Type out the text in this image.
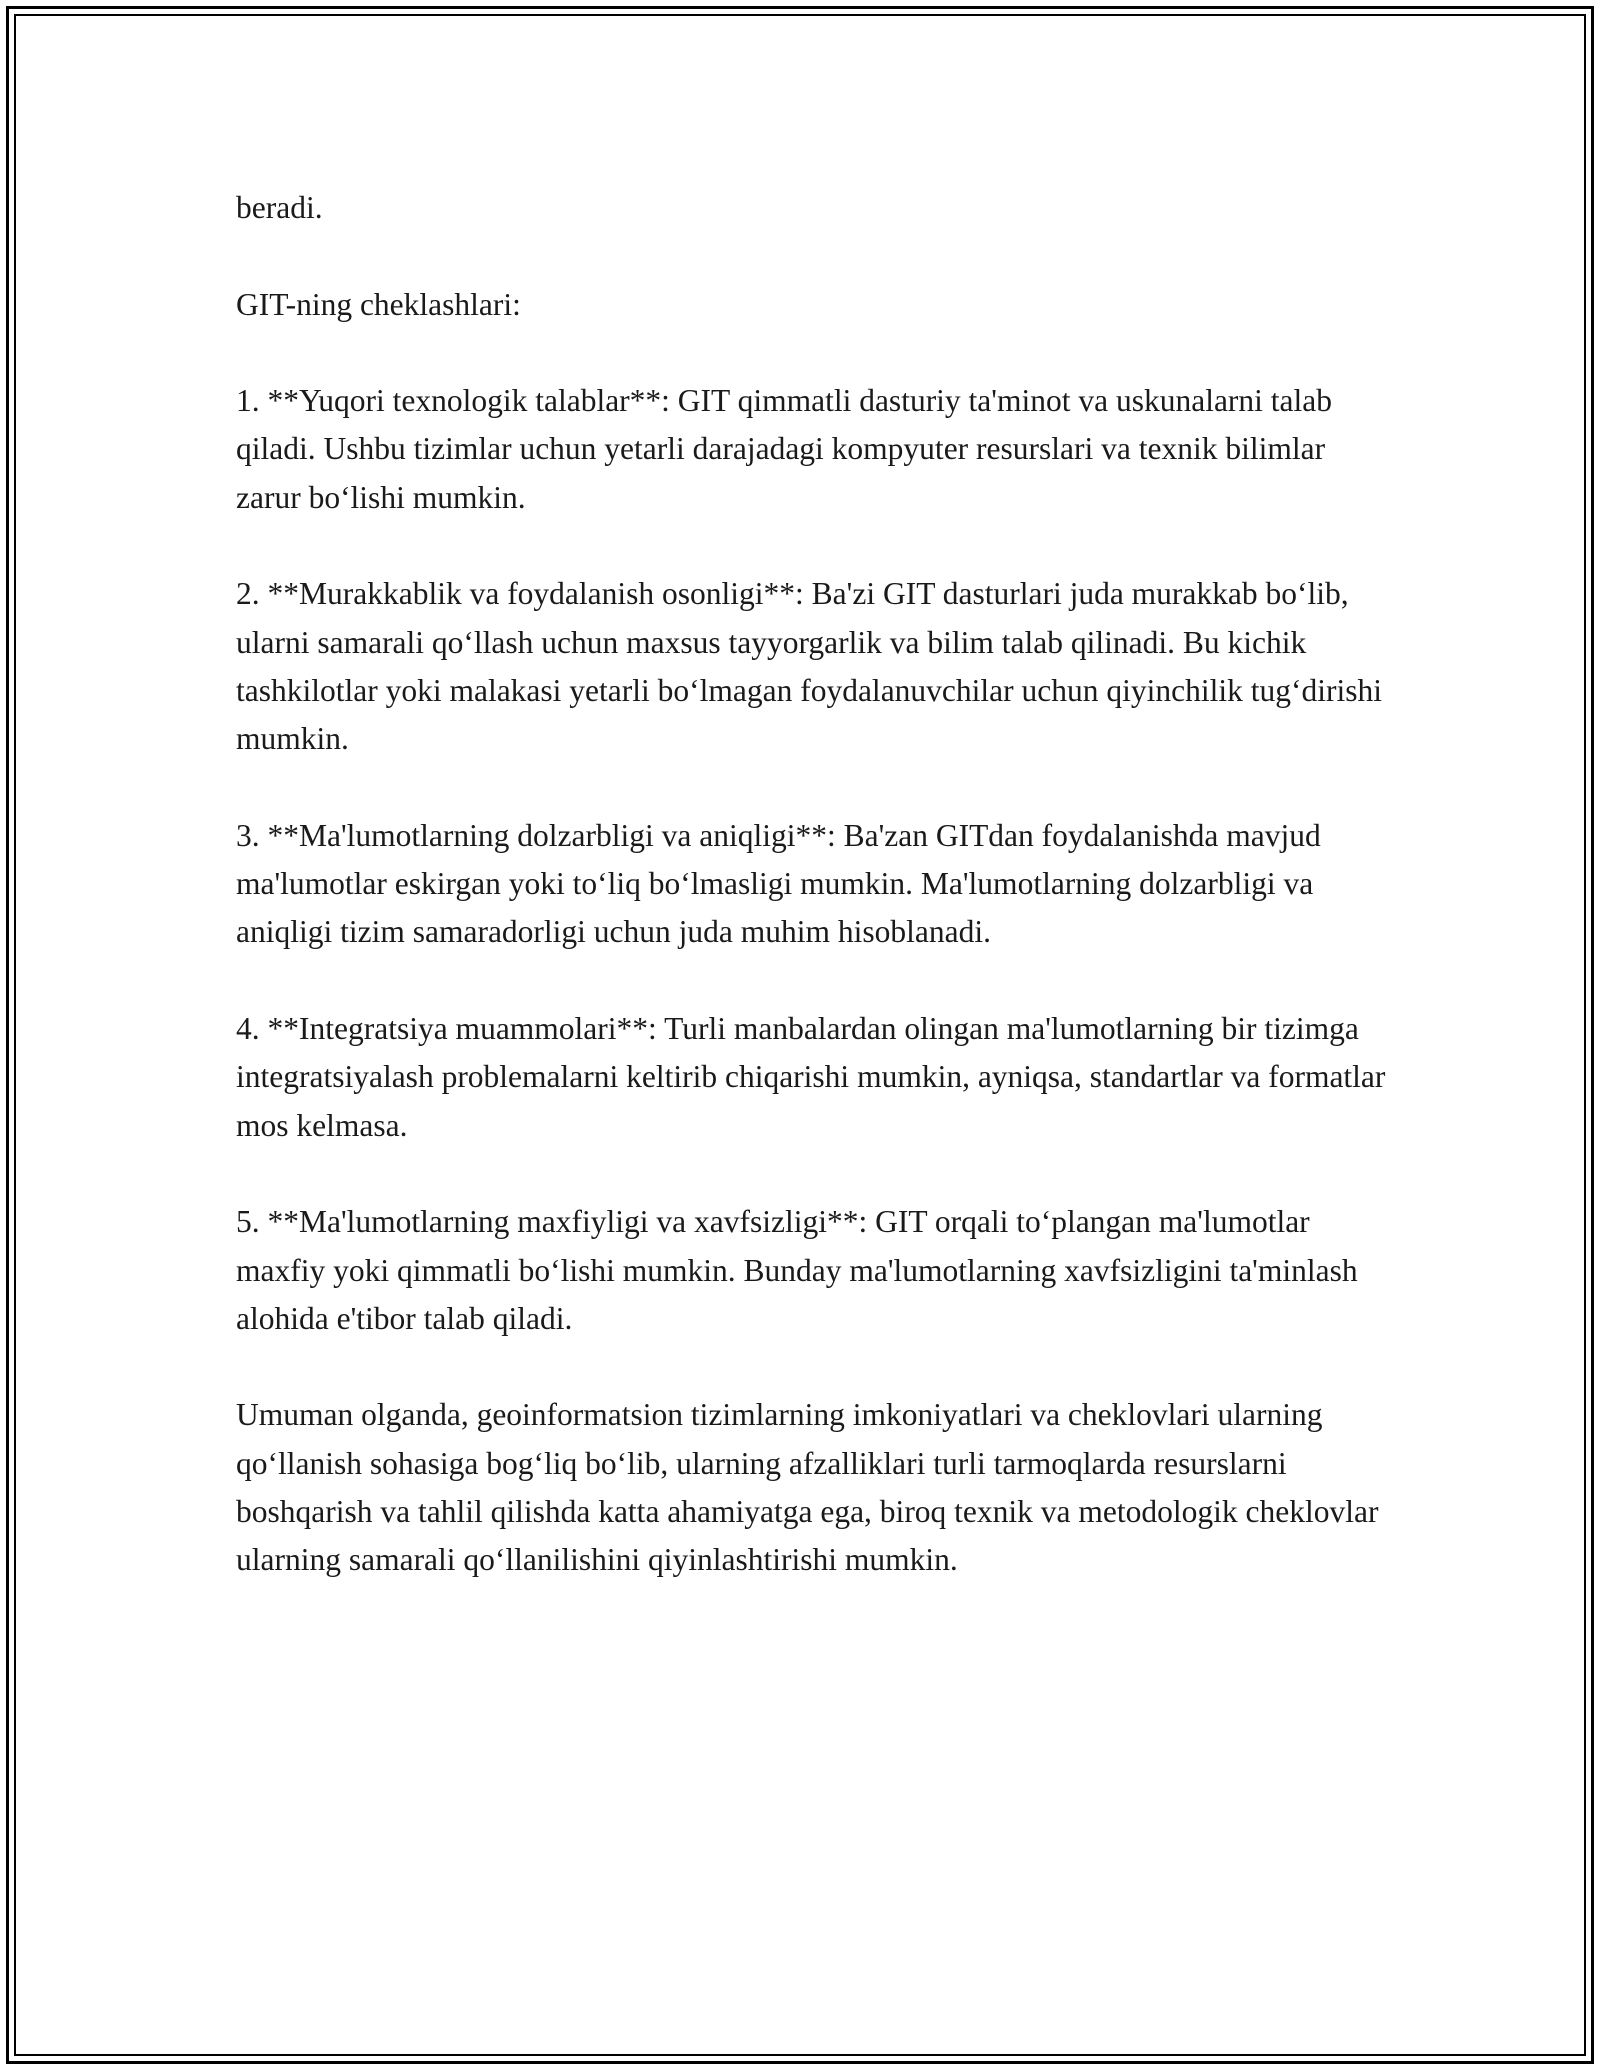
beradi.

GIT-ning cheklashlari:

1. **Yuqori texnologik talablar**: GIT qimmatli dasturiy ta'minot va uskunalarni talab qiladi. Ushbu tizimlar uchun yetarli darajadagi kompyuter resurslari va texnik bilimlar zarur bo‘lishi mumkin.

2. **Murakkablik va foydalanish osonligi**: Ba'zi GIT dasturlari juda murakkab bo‘lib, ularni samarali qo‘llash uchun maxsus tayyorgarlik va bilim talab qilinadi. Bu kichik tashkilotlar yoki malakasi yetarli bo‘lmagan foydalanuvchilar uchun qiyinchilik tug‘dirishi mumkin.

3. **Ma'lumotlarning dolzarbligi va aniqligi**: Ba'zan GITdan foydalanishda mavjud ma'lumotlar eskirgan yoki to‘liq bo‘lmasligi mumkin. Ma'lumotlarning dolzarbligi va aniqligi tizim samaradorligi uchun juda muhim hisoblanadi.

4. **Integratsiya muammolari**: Turli manbalardan olingan ma'lumotlarning bir tizimga integratsiyalash problemalarni keltirib chiqarishi mumkin, ayniqsa, standartlar va formatlar mos kelmasa.

5. **Ma'lumotlarning maxfiyligi va xavfsizligi**: GIT orqali to‘plangan ma'lumotlar maxfiy yoki qimmatli bo‘lishi mumkin. Bunday ma'lumotlarning xavfsizligini ta'minlash alohida e'tibor talab qiladi.

Umuman olganda, geoinformatsion tizimlarning imkoniyatlari va cheklovlari ularning qo‘llanish sohasiga bog‘liq bo‘lib, ularning afzalliklari turli tarmoqlarda resurslarni boshqarish va tahlil qilishda katta ahamiyatga ega, biroq texnik va metodologik cheklovlar ularning samarali qo‘llanilishini qiyinlashtirishi mumkin.
